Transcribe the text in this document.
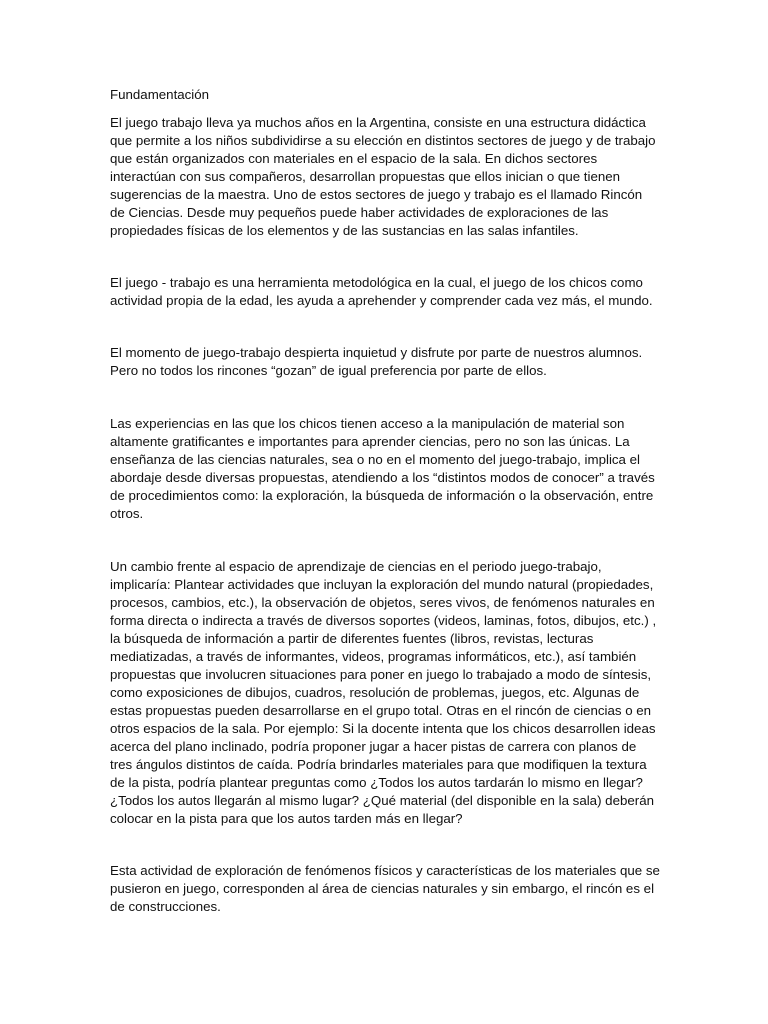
Fundamentación

El juego trabajo lleva ya muchos años en la Argentina, consiste en una estructura didáctica que permite a los niños subdividirse a su elección en distintos sectores de juego y de trabajo que están organizados con materiales en el espacio de la sala. En dichos sectores interactúan con sus compañeros, desarrollan propuestas que ellos inician o que tienen sugerencias de la maestra. Uno de estos sectores de juego y trabajo es el llamado Rincón de Ciencias. Desde muy pequeños puede haber actividades de exploraciones de las propiedades físicas de los elementos y de las sustancias en las salas infantiles.

El juego - trabajo es una herramienta metodológica en la cual, el juego de los chicos como actividad propia de la edad, les ayuda a aprehender y comprender cada vez más, el mundo.

El momento de juego-trabajo despierta inquietud y disfrute por parte de nuestros alumnos. Pero no todos los rincones “gozan” de igual preferencia por parte de ellos.

Las experiencias en las que los chicos tienen acceso a la manipulación de material son altamente gratificantes e importantes para aprender ciencias, pero no son las únicas. La enseñanza de las ciencias naturales, sea o no en el momento del juego-trabajo, implica el abordaje desde diversas propuestas, atendiendo a los “distintos modos de conocer” a través de procedimientos como: la exploración, la búsqueda de información o la observación, entre otros.

Un cambio frente al espacio de aprendizaje de ciencias en el periodo juego-trabajo, implicaría: Plantear actividades que incluyan la exploración del mundo natural (propiedades, procesos, cambios, etc.), la observación de objetos, seres vivos, de fenómenos naturales en forma directa o indirecta a través de diversos soportes (videos, laminas, fotos, dibujos, etc.) , la búsqueda de información a partir de diferentes fuentes (libros, revistas, lecturas mediatizadas, a través de informantes, videos, programas informáticos, etc.), así también propuestas que involucren situaciones para poner en juego lo trabajado a modo de síntesis, como exposiciones de dibujos, cuadros, resolución de problemas, juegos, etc. Algunas de estas propuestas pueden desarrollarse en el grupo total. Otras en el rincón de ciencias o en otros espacios de la sala. Por ejemplo: Si la docente intenta que los chicos desarrollen ideas acerca del plano inclinado, podría proponer jugar a hacer pistas de carrera con planos de tres ángulos distintos de caída. Podría brindarles materiales para que modifiquen la textura de la pista, podría plantear preguntas como ¿Todos los autos tardarán lo mismo en llegar? ¿Todos los autos llegarán al mismo lugar? ¿Qué material (del disponible en la sala) deberán colocar en la pista para que los autos tarden más en llegar?

Esta actividad de exploración de fenómenos físicos y características de los materiales que se pusieron en juego, corresponden al área de ciencias naturales y sin embargo, el rincón es el de construcciones.
